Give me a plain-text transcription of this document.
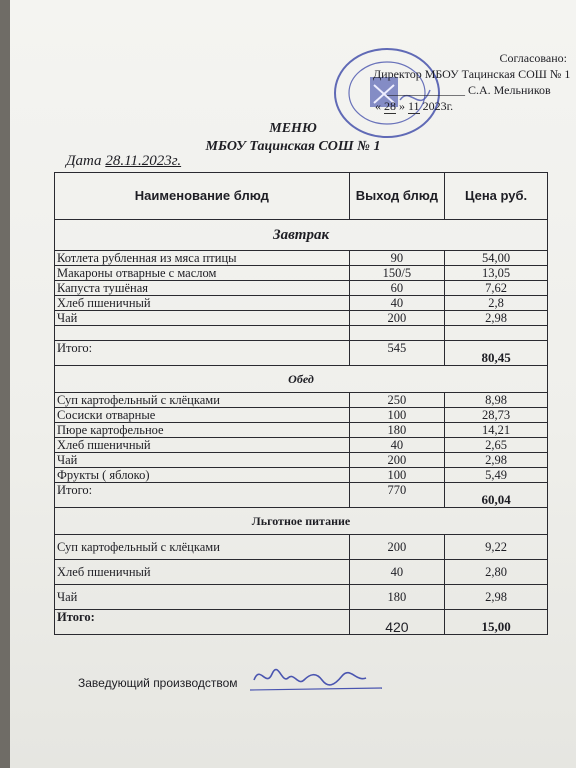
Согласовано:
Директор МБОУ Тацинская СОШ № 1
_____________ С.А. Мельников
« 28 » 11 2023г.
МЕНЮ
МБОУ Тацинская СОШ № 1
Дата 28.11.2023г.
Наименование блюд	Выход блюд	Цена руб.
Завтрак		
Котлета рубленная из мяса птицы	90	54,00
Макароны отварные с маслом	150/5	13,05
Капуста тушёная	60	7,62
Хлеб пшеничный	40	2,8
Чай	200	2,98

Итого:	545	80,45
Обед		
Суп картофельный с клёцками	250	8,98
Сосиски отварные	100	28,73
Пюре картофельное	180	14,21
Хлеб пшеничный	40	2,65
Чай	200	2,98
Фрукты ( яблоко)	100	5,49
Итого:	770	60,04
Льготное питание		
Суп картофельный с клёцками	200	9,22
Хлеб пшеничный	40	2,80
Чай	180	2,98
Итого:	420	15,00
Заведующий производством
